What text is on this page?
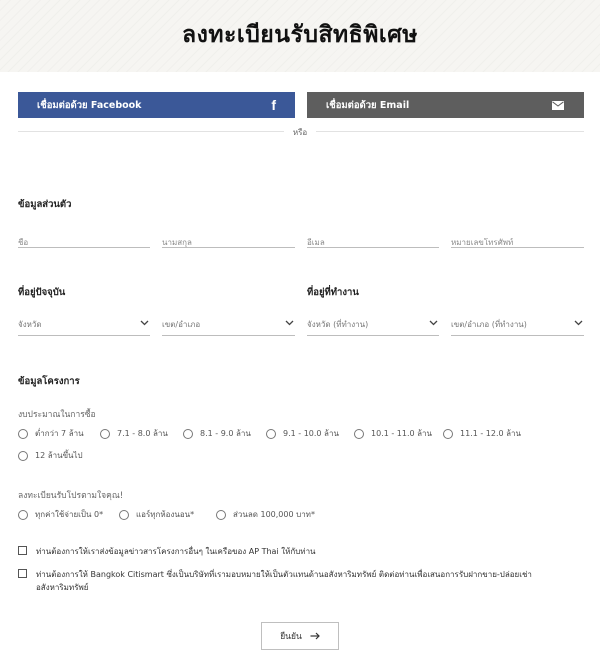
ลงทะเบียนรับสิทธิพิเศษ
เชื่อมต่อด้วย Facebook	f	เชื่อมต่อด้วย Email
หรือ
ข้อมูลส่วนตัว
ชื่อ
นามสกุล
อีเมล
หมายเลขโทรศัพท์
ที่อยู่ปัจจุบัน	ที่อยู่ที่ทำงาน
จังหวัด	เขต/อำเภอ	จังหวัด (ที่ทำงาน)	เขต/อำเภอ (ที่ทำงาน)
ข้อมูลโครงการ
งบประมาณในการซื้อ
ต่ำกว่า 7 ล้าน	7.1 - 8.0 ล้าน	8.1 - 9.0 ล้าน	9.1 - 10.0 ล้าน	10.1 - 11.0 ล้าน	11.1 - 12.0 ล้าน
12 ล้านขึ้นไป
ลงทะเบียนรับโปรตามใจคุณ!
ทุกค่าใช้จ่ายเป็น 0*	แอร์ทุกห้องนอน*	ส่วนลด 100,000 บาท*
ท่านต้องการให้เราส่งข้อมูลข่าวสารโครงการอื่นๆ ในเครือของ AP Thai ให้กับท่าน
ท่านต้องการให้ Bangkok Citismart ซึ่งเป็นบริษัทที่เรามอบหมายให้เป็นตัวแทนด้านอสังหาริมทรัพย์ ติดต่อท่านเพื่อเสนอการรับฝากขาย-ปล่อยเช่าอสังหาริมทรัพย์
ยืนยัน
